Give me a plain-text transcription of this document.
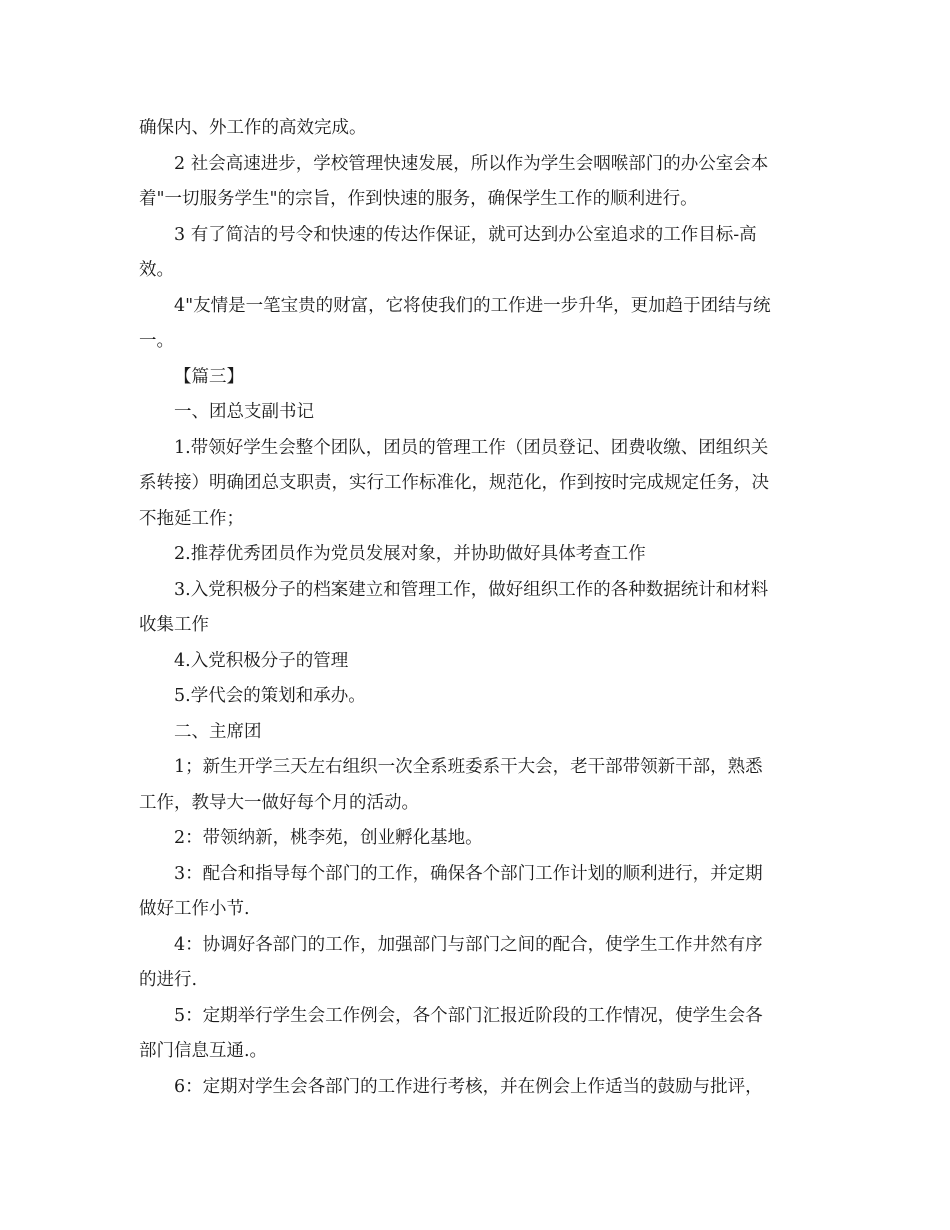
确保内、外工作的高效完成。
2 社会高速进步，学校管理快速发展，所以作为学生会咽喉部门的办公室会本
着"一切服务学生"的宗旨，作到快速的服务，确保学生工作的顺利进行。
3 有了简洁的号令和快速的传达作保证，就可达到办公室追求的工作目标-高
效。
4"友情是一笔宝贵的财富，它将使我们的工作进一步升华，更加趋于团结与统
一。
【篇三】
一、团总支副书记
1.带领好学生会整个团队，团员的管理工作（团员登记、团费收缴、团组织关
系转接）明确团总支职责，实行工作标准化，规范化，作到按时完成规定任务，决
不拖延工作；
2.推荐优秀团员作为党员发展对象，并协助做好具体考查工作
3.入党积极分子的档案建立和管理工作，做好组织工作的各种数据统计和材料
收集工作
4.入党积极分子的管理
5.学代会的策划和承办。
二、主席团
1；新生开学三天左右组织一次全系班委系干大会，老干部带领新干部，熟悉
工作，教导大一做好每个月的活动。
2：带领纳新，桃李苑，创业孵化基地。
3：配合和指导每个部门的工作，确保各个部门工作计划的顺利进行，并定期
做好工作小节.
4：协调好各部门的工作，加强部门与部门之间的配合，使学生工作井然有序
的进行.
5：定期举行学生会工作例会，各个部门汇报近阶段的工作情况，使学生会各
部门信息互通.。
6：定期对学生会各部门的工作进行考核，并在例会上作适当的鼓励与批评，
